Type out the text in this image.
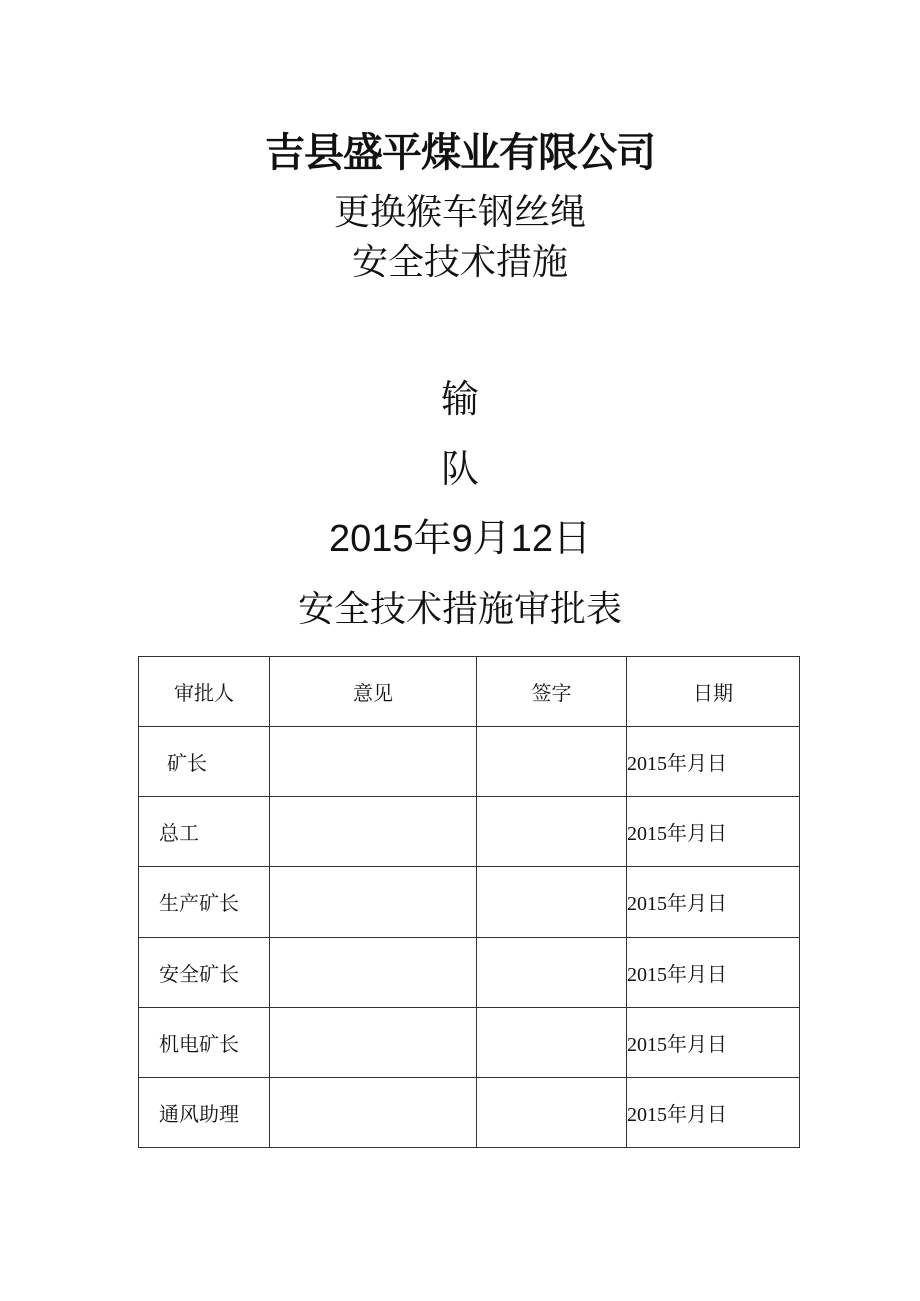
吉县盛平煤业有限公司
更换猴车钢丝绳
安全技术措施
输
队
2015年9月12日
安全技术措施审批表
审批人	意见	签字	日期
矿长			2015年月日
总工			2015年月日
生产矿长			2015年月日
安全矿长			2015年月日
机电矿长			2015年月日
通风助理			2015年月日
